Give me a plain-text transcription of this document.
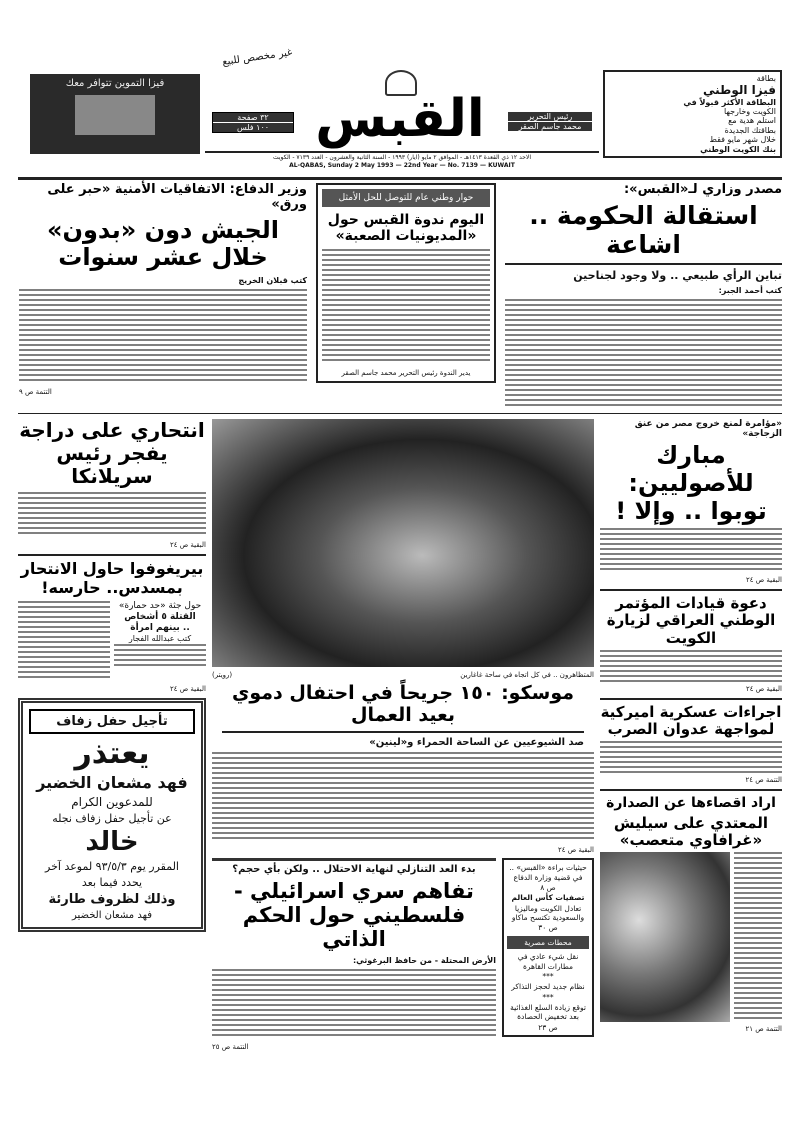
فيزا التموين تتوافر معك
غير مخصص للبيع
٣٢ صفحة
١٠٠ فلس القبس	رئيس التحرير
محمد جاسم الصقر
بطاقة
فيزا الوطني
البطاقة الأكثر قبولاً في
الكويت وخارجها
استلم هدية مع
بطاقتك الجديدة
خلال شهر مايو فقط
بنك الكويت الوطني
الاحد ١٢ ذي القعدة ١٤١٣هـ - الموافق ٢ مايو (ايار) ١٩٩٣ - السنة الثانية والعشرون - العدد ٧١٣٩ - الكويت
AL-QABAS, Sunday 2 May 1993 — 22nd Year — No. 7139 — KUWAIT
مصدر وزاري لـ«القبس»:
استقالة الحكومة .. اشاعة
تباين الرأي طبيعي .. ولا وجود لجناحين
كتب أحمد الجبر:
حوار وطني عام للتوصل للحل الأمثل
اليوم ندوة القبس حول «المديونيات الصعبة»
يدير الندوة رئيس التحرير محمد جاسم الصقر
وزير الدفاع: الاتفاقيات الأمنية «حبر على ورق»
الجيش دون «بدون» خلال عشر سنوات
كتب قبلان الخريج
التتمة ص ٩
«مؤامرة لمنع خروج مصر من عنق الزجاجة»
مبارك للأصوليين: توبوا .. وإلا !
البقية ص ٢٤
دعوة قيادات المؤتمر الوطني العراقي لزيارة الكويت
البقية ص ٢٤
اجراءات عسكرية اميركية لمواجهة عدوان الصرب
التتمة ص ٢٤
اراد اقصاءها عن الصدارة
المعتدي على سيليش «غرافاوي متعصب»
التتمة ص ٢١
المتظاهرون .. في كل اتجاه في ساحة غاغارين
(رويتر)
موسكو: ١٥٠ جريحاً في احتفال دموي بعيد العمال
صد الشيوعيين عن الساحة الحمراء و«لينين»
البقية ص ٢٤
حيثيات براءة «القبس» .. في قضية وزارة الدفاع
ص ٨
تصفيات كأس العالم
تعادل الكويت وماليزيا والسعودية تكتسح ماكاو
ص ٣٠
محطات مصرية
نقل شيء عادي في مطارات القاهرة
***
نظام جديد لحجز التذاكر
***
توقع زيادة السلع الغذائية بعد تخفيض الحصادة
ص ٢٣
بدء العد التنازلي لنهاية الاحتلال .. ولكن بأي حجم؟
تفاهم سري اسرائيلي - فلسطيني حول الحكم الذاتي
الأرض المحتلة - من حافظ البرغوثي:
التتمة ص ٢٥
انتحاري على دراجة يفجر رئيس سريلانكا
البقية ص ٢٤
بيريغوفوا حاول الانتحار بمسدس.. حارسه!
حول جثة «حد حمارة»
القتلة ٥ أشخاص
.. بينهم امرأة
كتب عبدالله الفجار
البقية ص ٢٤
تأجيل حفل زفاف
يعتذر
فهد مشعان الخضير
للمدعوين الكرام
عن تأجيل حفل زفاف نجله
خالد
المقرر يوم ٩٣/٥/٣ لموعد آخر
يحدد فيما بعد
وذلك لظروف طارئة
فهد مشعان الخضير
